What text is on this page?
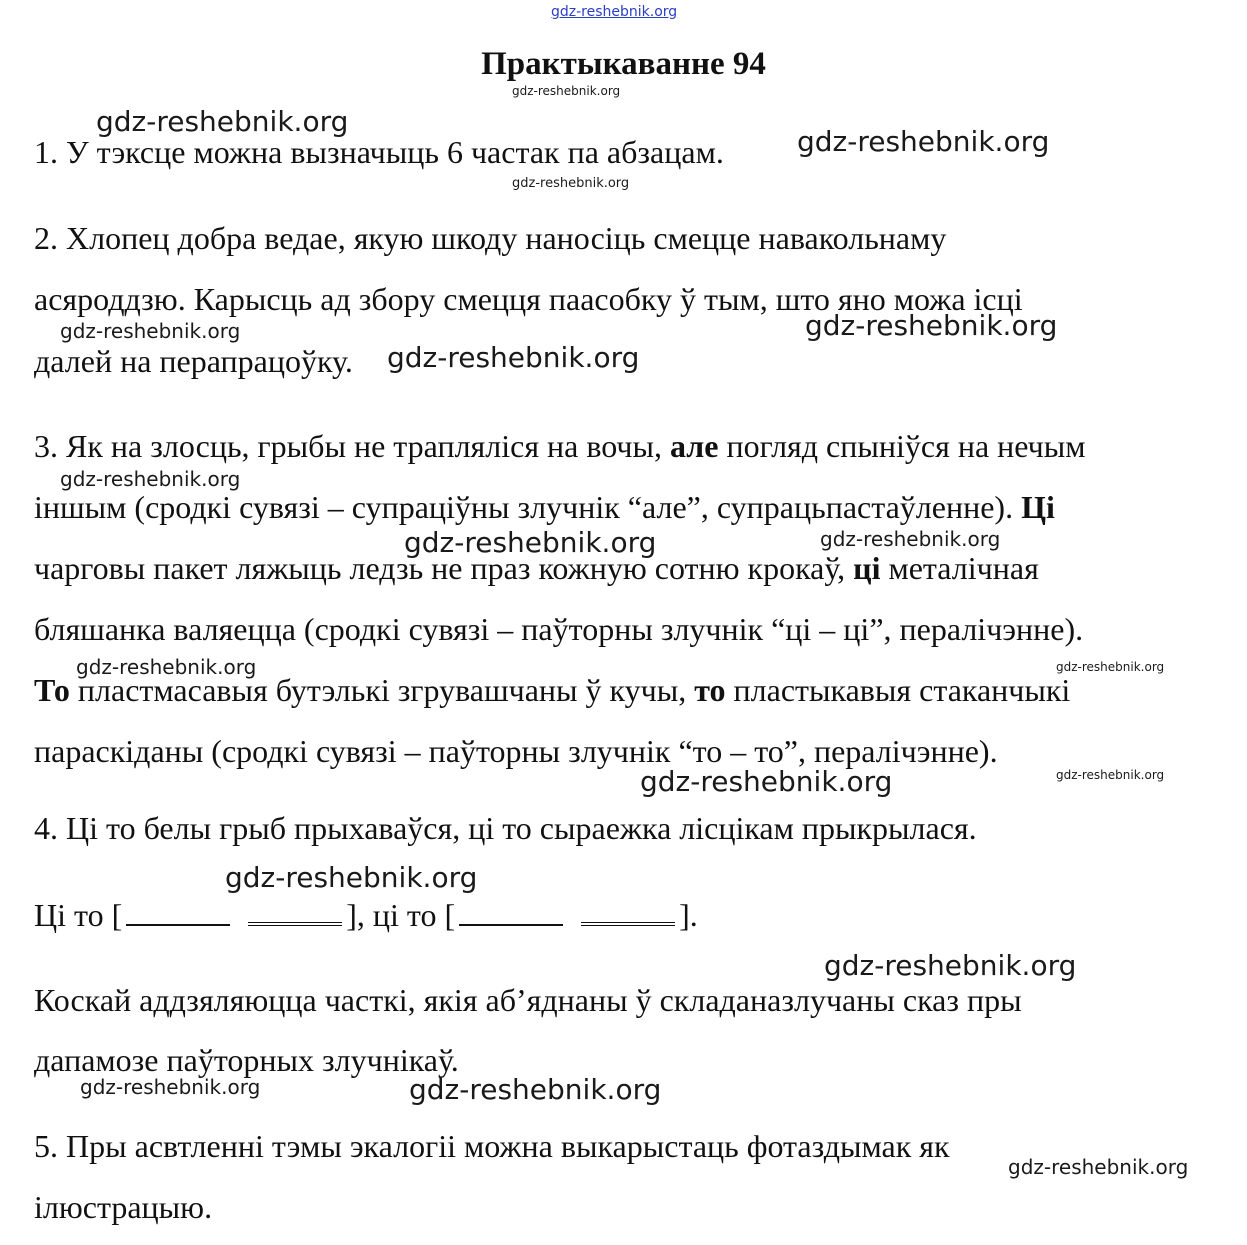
gdz-reshebnik.org
Практыкаванне 94
1. У тэксце можна вызначыць 6 частак па абзацам.
2. Хлопец добра ведае, якую шкоду наносіць смецце навакольнаму
асяроддзю. Карысць ад збору смецця паасобку ў тым, што яно можа ісці
далей на перапрацоўку.
3. Як на злосць, грыбы не трапляліся на вочы, але погляд спыніўся на нечым
іншым (сродкі сувязі – супраціўны злучнік “але”, супрацьпастаўленне). Ці
чарговы пакет ляжыць ледзь не праз кожную сотню крокаў, ці металічная
бляшанка валяецца (сродкі сувязі – паўторны злучнік “ці – ці”, пералічэнне).
То пластмасавыя бутэлькі згрувашчаны ў кучы, то пластыкавыя стаканчыкі
параскіданы (сродкі сувязі – паўторны злучнік “то – то”, пералічэнне).
4. Ці то белы грыб прыхаваўся, ці то сыраежка лісцікам прыкрылася.
Ці то [	], ці то [	].
Коскай аддзяляюцца часткі, якія аб’яднаны ў складаназлучаны сказ пры
дапамозе паўторных злучнікаў.
5. Пры асвтленні тэмы экалогіі можна выкарыстаць фотаздымак як
ілюстрацыю.
gdz-reshebnik.org
gdz-reshebnik.org
gdz-reshebnik.org
gdz-reshebnik.org
gdz-reshebnik.org	gdz-reshebnik.org
gdz-reshebnik.org
gdz-reshebnik.org
gdz-reshebnik.org	gdz-reshebnik.org
gdz-reshebnik.org	gdz-reshebnik.org
gdz-reshebnik.org	gdz-reshebnik.org
gdz-reshebnik.org
gdz-reshebnik.org
gdz-reshebnik.org	gdz-reshebnik.org
gdz-reshebnik.org
